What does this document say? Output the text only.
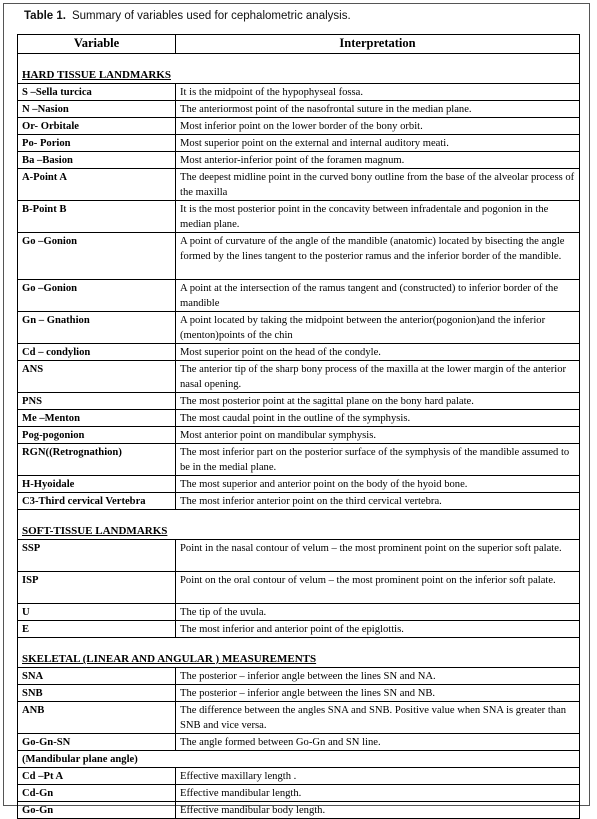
Table 1. Summary of variables used for cephalometric analysis.
Variable	Interpretation

HARD TISSUE LANDMARKS	
S –Sella turcica	It is the midpoint of the hypophyseal fossa.
N –Nasion	The anteriormost point of the nasofrontal suture in the median plane.
Or- Orbitale	Most inferior point on the lower border of the bony orbit.
Po- Porion	Most superior point on the external and internal auditory meati.
Ba –Basion	Most anterior-inferior point of the foramen magnum.
A-Point A	The deepest midline point in the curved bony outline from the base of the alveolar process of the maxilla
B-Point B	It is the most posterior point in the concavity between infradentale and pogonion in the median plane.
Go –Gonion	A point of curvature of the angle of the mandible (anatomic) located by bisecting the angle formed by the lines tangent to the posterior ramus and the inferior border of the mandible.
Go –Gonion	A point at the intersection of the ramus tangent and (constructed) to inferior border of the mandible
Gn – Gnathion	A point located by taking the midpoint between the anterior(pogonion)and the inferior (menton)points of the chin
Cd – condylion	Most superior point on the head of the condyle.
ANS	The anterior tip of the sharp bony process of the maxilla at the lower margin of the anterior nasal opening.
PNS	The most posterior point at the sagittal plane on the bony hard palate.
Me –Menton	The most caudal point in the outline of the symphysis.
Pog-pogonion	Most anterior point on mandibular symphysis.
RGN((Retrognathion)	The most inferior part on the posterior surface of the symphysis of the mandible assumed to be in the medial plane.
H-Hyoidale	The most superior and anterior point on the body of the hyoid bone.
C3-Third cervical Vertebra	The most inferior anterior point on the third cervical vertebra.

SOFT-TISSUE LANDMARKS	
SSP	Point in the nasal contour of velum – the most prominent point on the superior soft palate.
ISP	Point on the oral contour of velum – the most prominent point on the inferior soft palate.
U	The tip of the uvula.
E	The most inferior and anterior point of the epiglottis.

SKELETAL (LINEAR AND ANGULAR ) MEASUREMENTS	
SNA	The posterior – inferior angle between the lines SN and NA.
SNB	The posterior – inferior angle between the lines SN and NB.
ANB	The difference between the angles SNA and SNB. Positive value when SNA is greater than SNB and vice versa.
Go-Gn-SN	The angle formed between Go-Gn and SN line.
(Mandibular plane angle)	
Cd –Pt A	Effective maxillary length .
Cd-Gn	Effective mandibular length.
Go-Gn	Effective mandibular body length.
